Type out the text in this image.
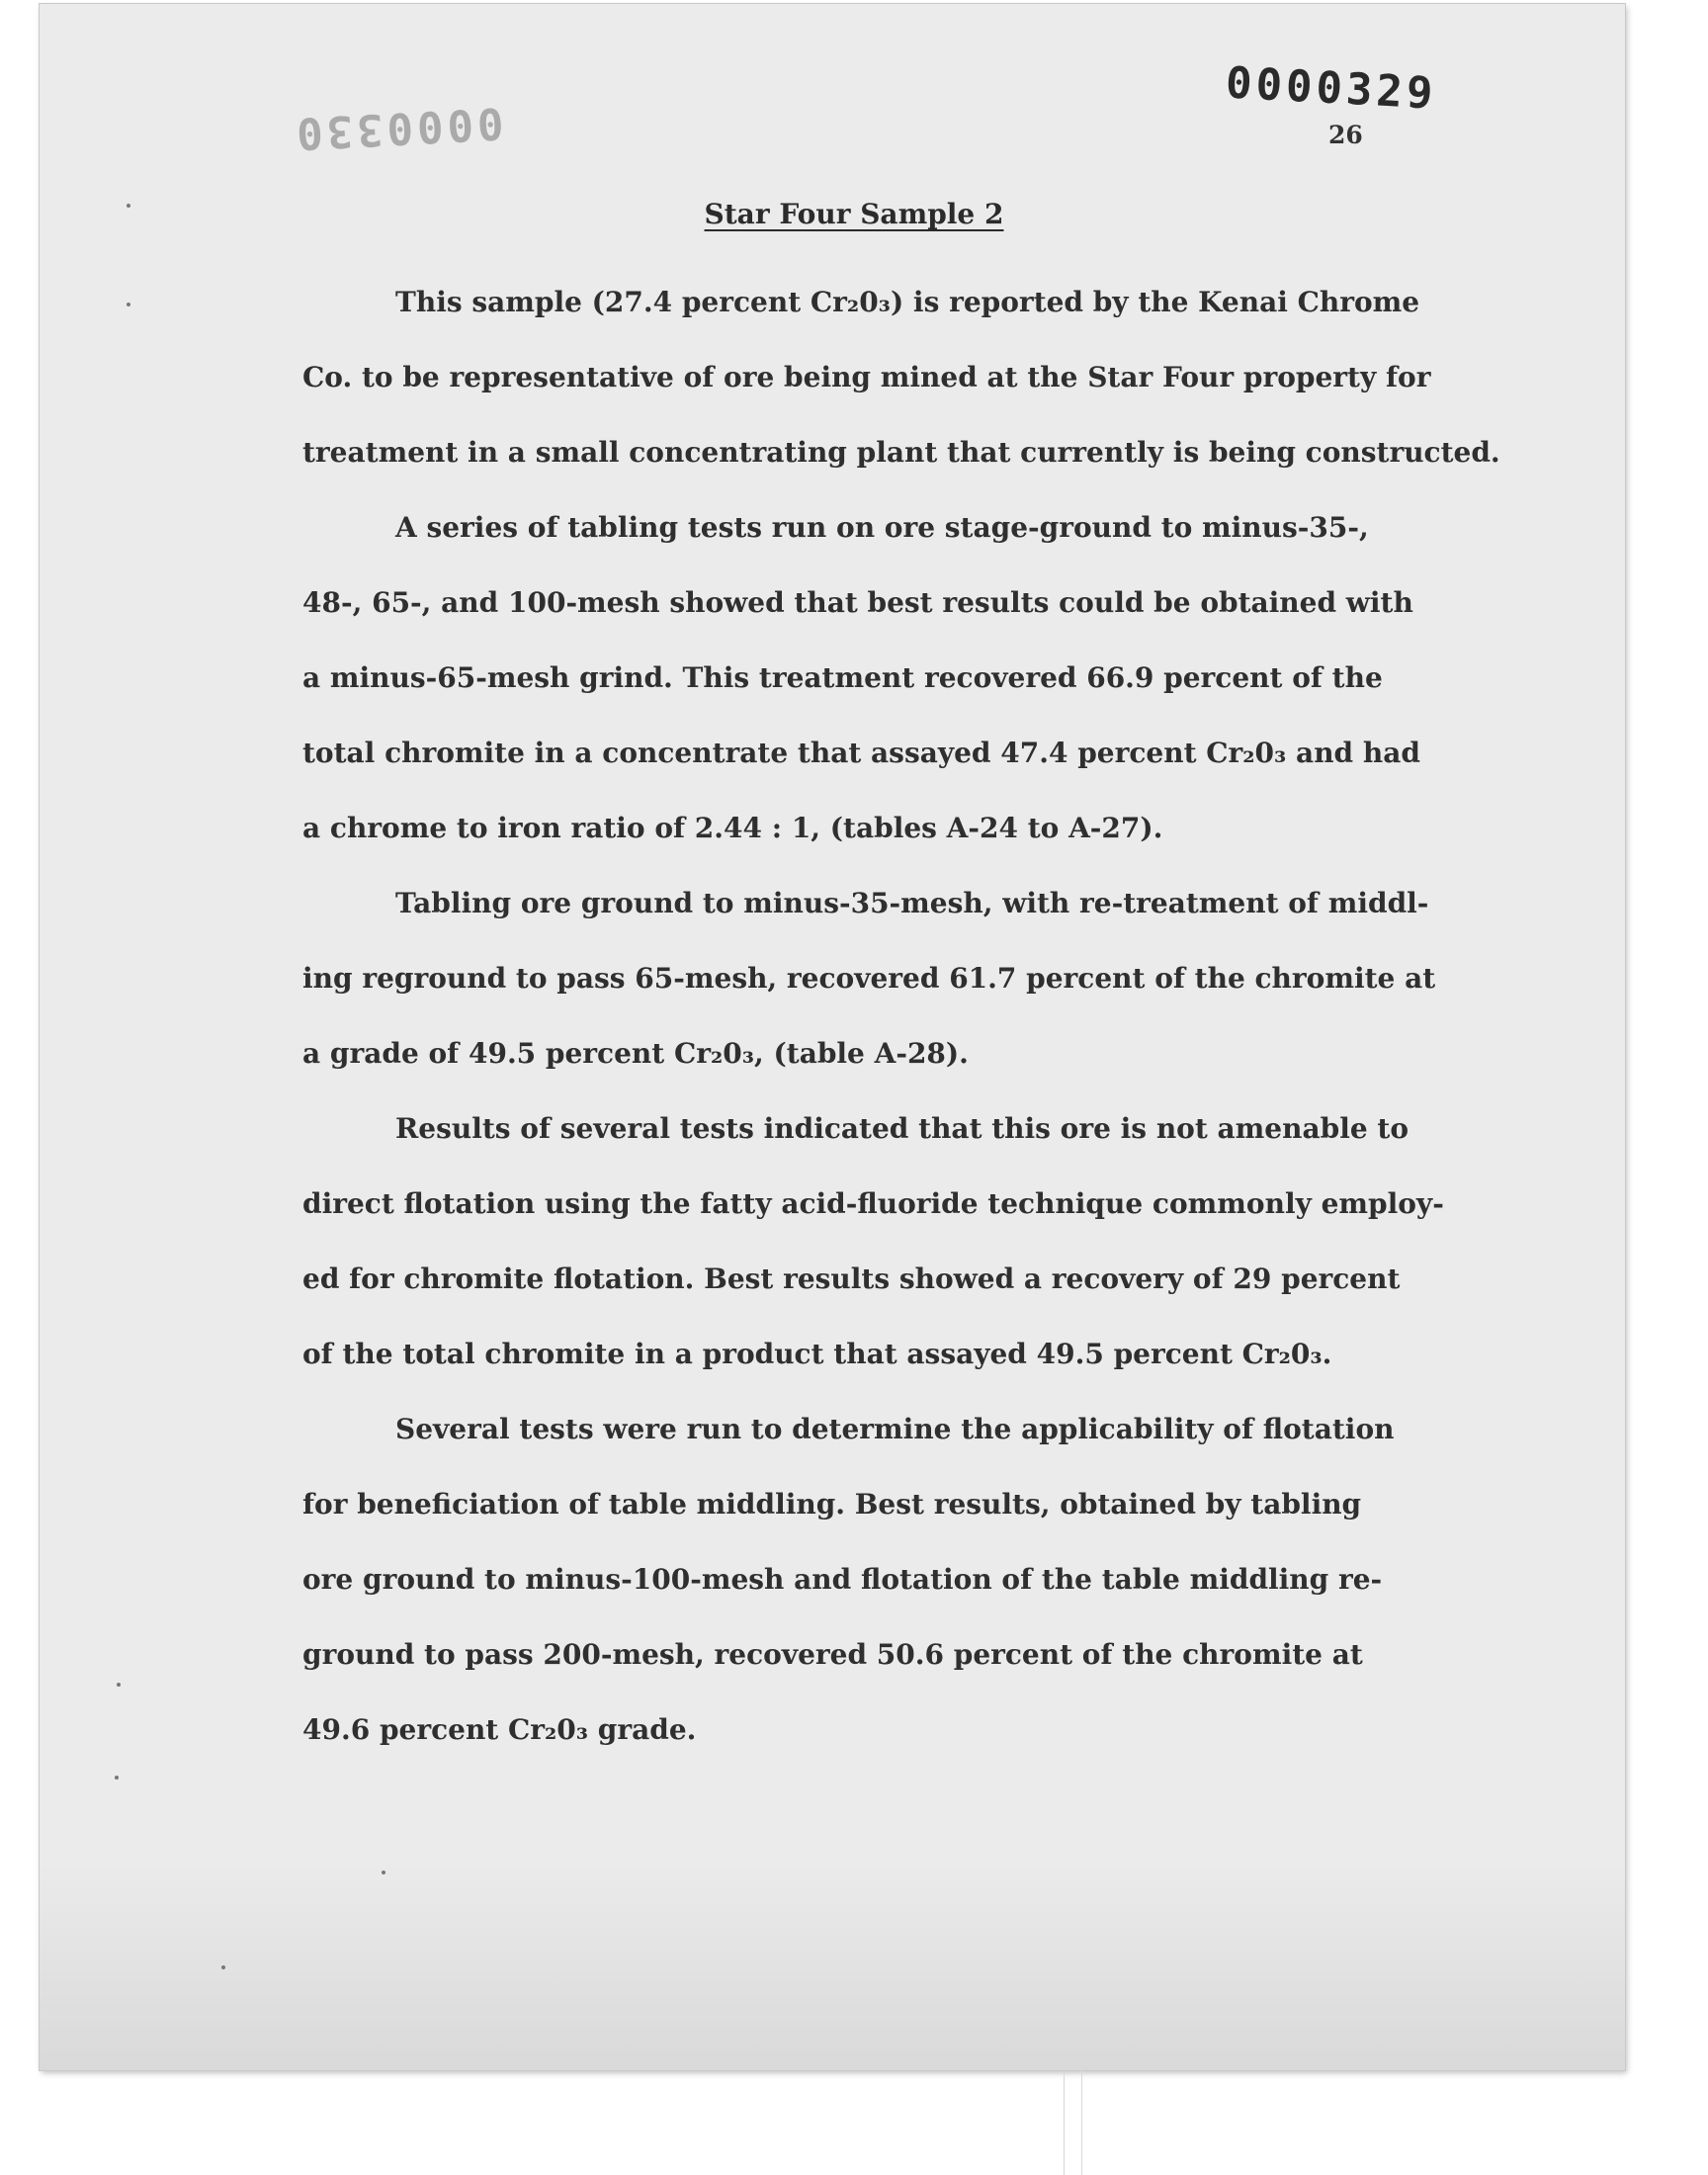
0000329
0000330	26
Star Four Sample 2
This sample (27.4 percent Cr₂0₃) is reported by the Kenai Chrome
Co. to be representative of ore being mined at the Star Four property for
treatment in a small concentrating plant that currently is being constructed.
A series of tabling tests run on ore stage-ground to minus-35-,
48-, 65-, and 100-mesh showed that best results could be obtained with
a minus-65-mesh grind. This treatment recovered 66.9 percent of the
total chromite in a concentrate that assayed 47.4 percent Cr₂0₃ and had
a chrome to iron ratio of 2.44 : 1, (tables A-24 to A-27).
Tabling ore ground to minus-35-mesh, with re-treatment of middl-
ing reground to pass 65-mesh, recovered 61.7 percent of the chromite at
a grade of 49.5 percent Cr₂0₃, (table A-28).
Results of several tests indicated that this ore is not amenable to
direct flotation using the fatty acid-fluoride technique commonly employ-
ed for chromite flotation. Best results showed a recovery of 29 percent
of the total chromite in a product that assayed 49.5 percent Cr₂0₃.
Several tests were run to determine the applicability of flotation
for beneficiation of table middling. Best results, obtained by tabling
ore ground to minus-100-mesh and flotation of the table middling re-
ground to pass 200-mesh, recovered 50.6 percent of the chromite at
49.6 percent Cr₂0₃ grade.
